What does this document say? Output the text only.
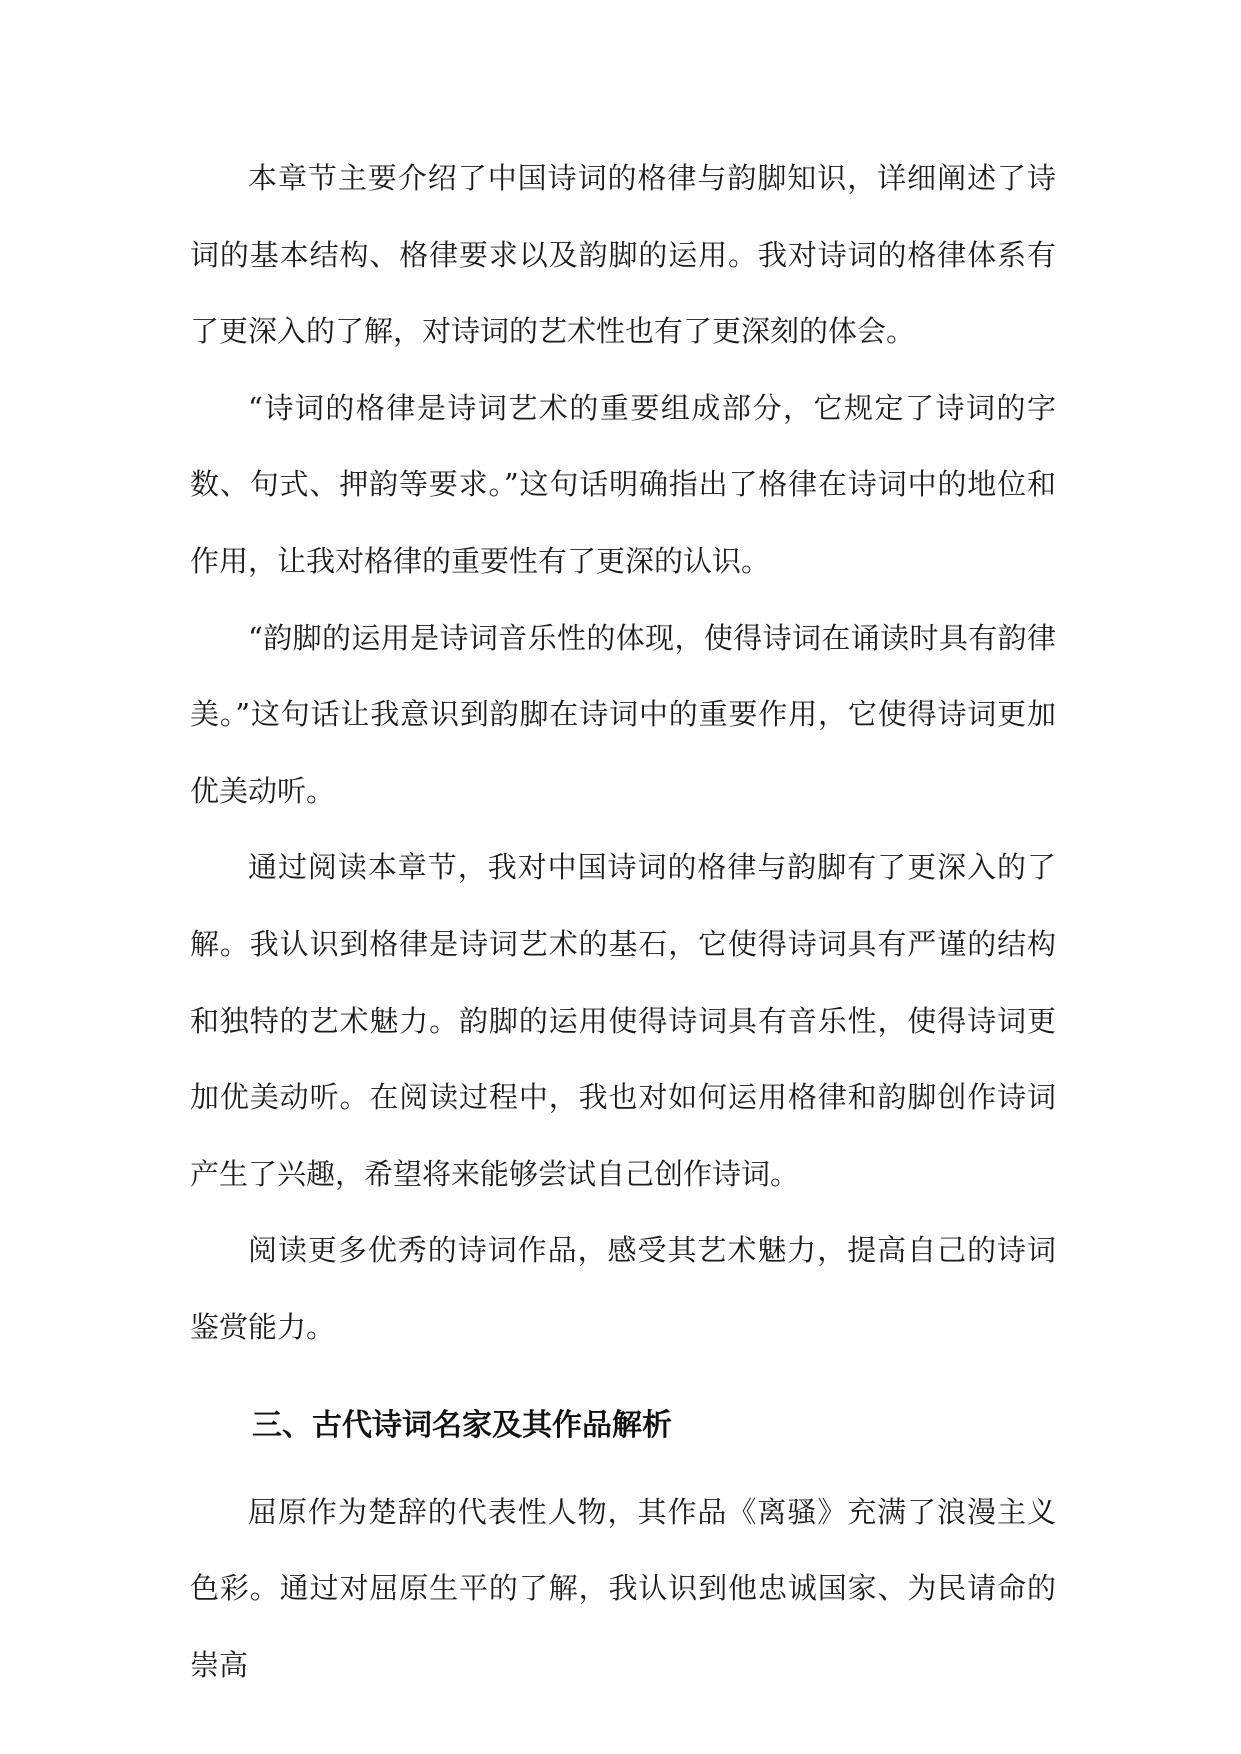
本章节主要介绍了中国诗词的格律与韵脚知识，详细阐述了诗词的基本结构、格律要求以及韵脚的运用。我对诗词的格律体系有了更深入的了解，对诗词的艺术性也有了更深刻的体会。

“诗词的格律是诗词艺术的重要组成部分，它规定了诗词的字数、句式、押韵等要求。”这句话明确指出了格律在诗词中的地位和作用，让我对格律的重要性有了更深的认识。

“韵脚的运用是诗词音乐性的体现，使得诗词在诵读时具有韵律美。”这句话让我意识到韵脚在诗词中的重要作用，它使得诗词更加优美动听。

通过阅读本章节，我对中国诗词的格律与韵脚有了更深入的了解。我认识到格律是诗词艺术的基石，它使得诗词具有严谨的结构和独特的艺术魅力。韵脚的运用使得诗词具有音乐性，使得诗词更加优美动听。在阅读过程中，我也对如何运用格律和韵脚创作诗词产生了兴趣，希望将来能够尝试自己创作诗词。

阅读更多优秀的诗词作品，感受其艺术魅力，提高自己的诗词鉴赏能力。

三、古代诗词名家及其作品解析

屈原作为楚辞的代表性人物，其作品《离骚》充满了浪漫主义色彩。通过对屈原生平的了解，我认识到他忠诚国家、为民请命的崇高
